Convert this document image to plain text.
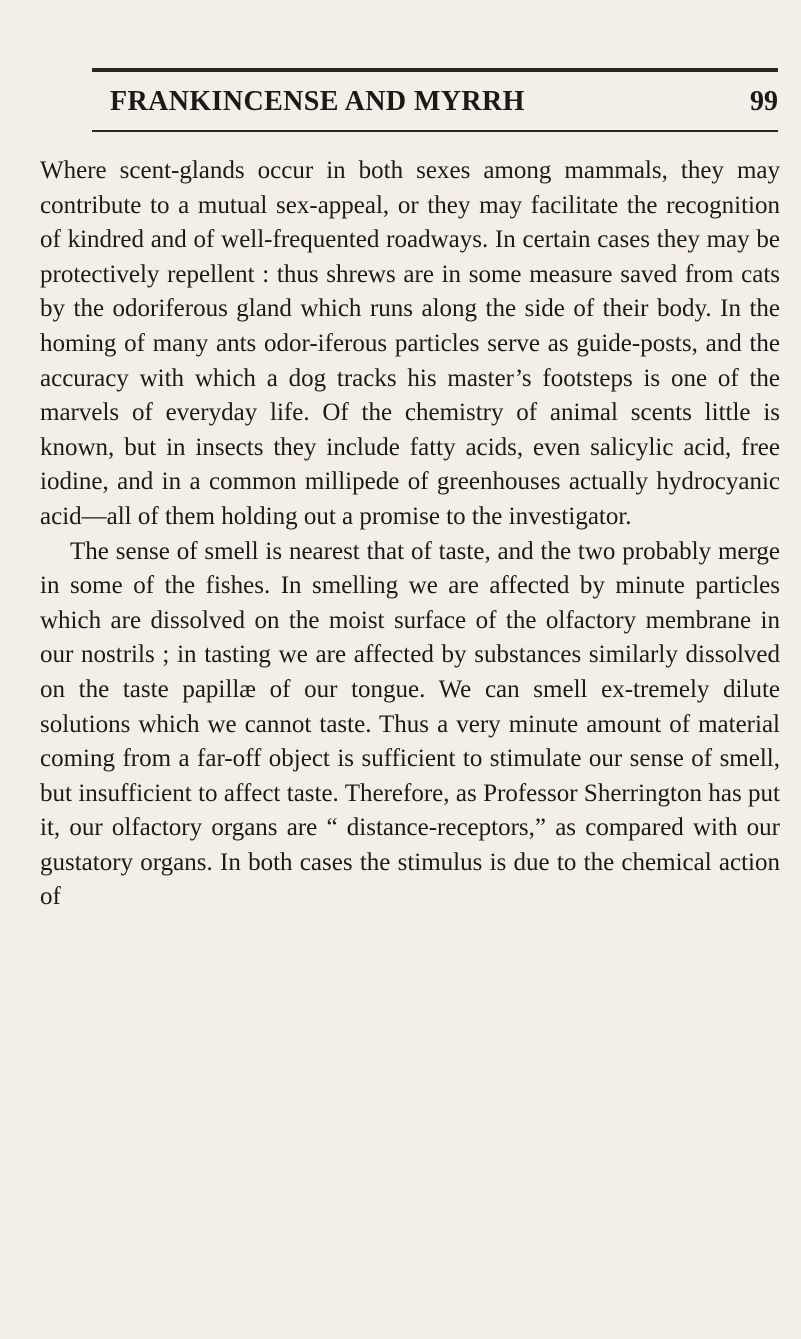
FRANKINCENSE AND MYRRH	99

Where scent-glands occur in both sexes among mammals, they may contribute to a mutual sex-appeal, or they may facilitate the recognition of kindred and of well-frequented roadways. In certain cases they may be protectively repellent : thus shrews are in some measure saved from cats by the odoriferous gland which runs along the side of their body. In the homing of many ants odor-iferous particles serve as guide-posts, and the accuracy with which a dog tracks his master’s footsteps is one of the marvels of everyday life. Of the chemistry of animal scents little is known, but in insects they include fatty acids, even salicylic acid, free iodine, and in a common millipede of greenhouses actually hydrocyanic acid—all of them holding out a promise to the investigator.

The sense of smell is nearest that of taste, and the two probably merge in some of the fishes. In smelling we are affected by minute particles which are dissolved on the moist surface of the olfactory membrane in our nostrils ; in tasting we are affected by substances similarly dissolved on the taste papillæ of our tongue. We can smell ex-tremely dilute solutions which we cannot taste. Thus a very minute amount of material coming from a far-off object is sufficient to stimulate our sense of smell, but insufficient to affect taste. Therefore, as Professor Sherrington has put it, our olfactory organs are “ distance-receptors,” as compared with our gustatory organs. In both cases the stimulus is due to the chemical action of
